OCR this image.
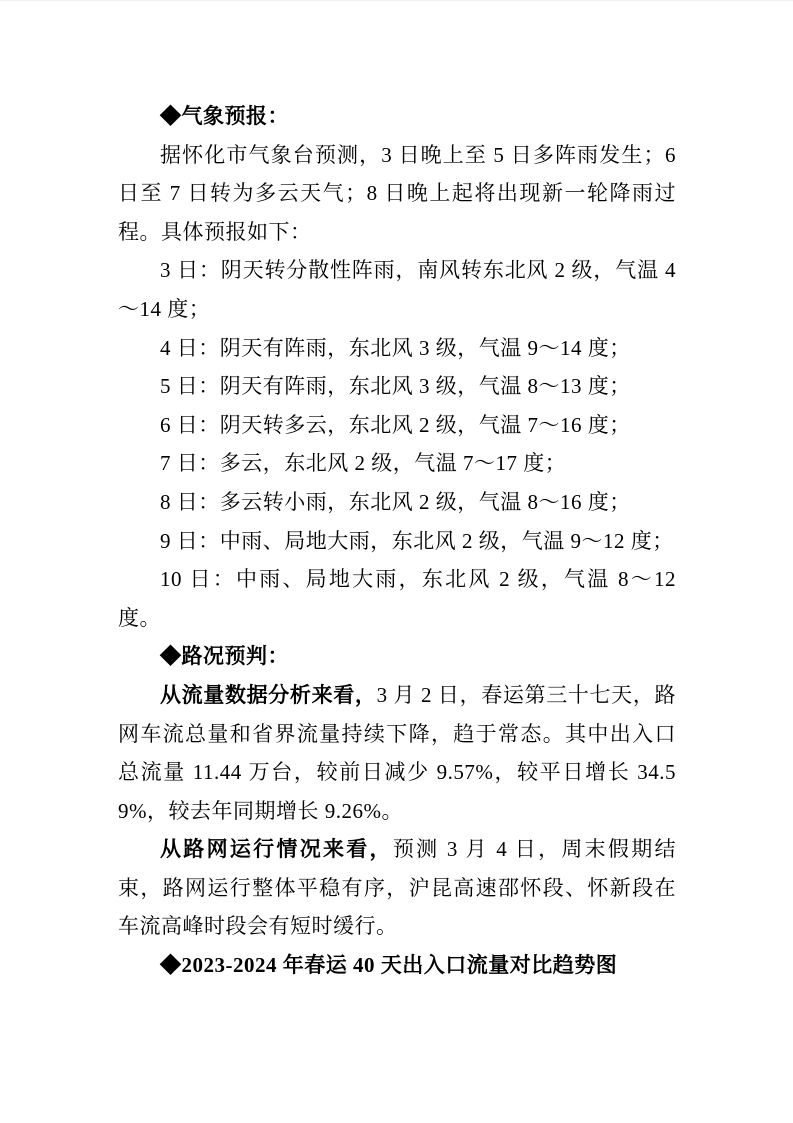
◆气象预报：

据怀化市气象台预测，3 日晚上至 5 日多阵雨发生；6 日至 7 日转为多云天气；8 日晚上起将出现新一轮降雨过程。具体预报如下：

3 日：阴天转分散性阵雨，南风转东北风 2 级，气温 4～14 度；

4 日：阴天有阵雨，东北风 3 级，气温 9～14 度；

5 日：阴天有阵雨，东北风 3 级，气温 8～13 度；

6 日：阴天转多云，东北风 2 级，气温 7～16 度；

7 日：多云，东北风 2 级，气温 7～17 度；

8 日：多云转小雨，东北风 2 级，气温 8～16 度；

9 日：中雨、局地大雨，东北风 2 级，气温 9～12 度；

10 日：中雨、局地大雨，东北风 2 级，气温 8～12 度。

◆路况预判：

从流量数据分析来看，3 月 2 日，春运第三十七天，路网车流总量和省界流量持续下降，趋于常态。其中出入口总流量 11.44 万台，较前日减少 9.57%，较平日增长 34.59%，较去年同期增长 9.26%。

从路网运行情况来看，预测 3 月 4 日，周末假期结束，路网运行整体平稳有序，沪昆高速邵怀段、怀新段在车流高峰时段会有短时缓行。

◆2023-2024 年春运 40 天出入口流量对比趋势图
